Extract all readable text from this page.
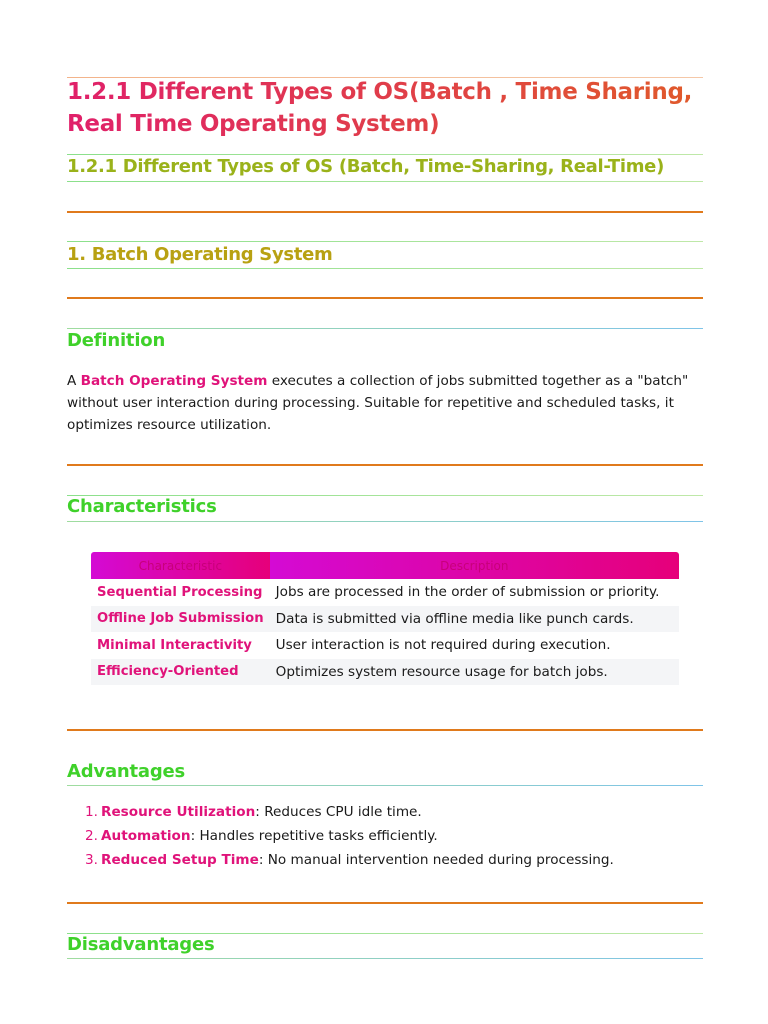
1.2.1 Different Types of OS(Batch , Time Sharing, Real Time Operating System)
1.2.1 Different Types of OS (Batch, Time-Sharing, Real-Time)
1. Batch Operating System
Definition

A Batch Operating System executes a collection of jobs submitted together as a "batch" without user interaction during processing. Suitable for repetitive and scheduled tasks, it optimizes resource utilization.

Characteristics
Characteristic	Description
Sequential Processing	Jobs are processed in the order of submission or priority.
Offline Job Submission	Data is submitted via offline media like punch cards.
Minimal Interactivity	User interaction is not required during execution.
Efficiency-Oriented	Optimizes system resource usage for batch jobs.
Advantages
1. Resource Utilization: Reduces CPU idle time.
2. Automation: Handles repetitive tasks efficiently.
3. Reduced Setup Time: No manual intervention needed during processing.
Disadvantages
